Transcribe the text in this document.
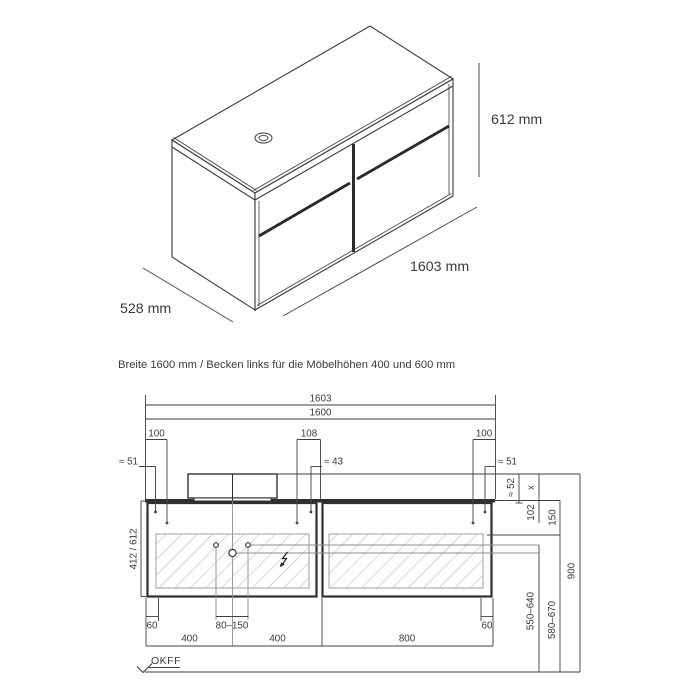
612 mm
1603 mm
528 mm
Breite 1600 mm / Becken links für die Möbelhöhen 400 und 600 mm
1603
1600
100	108	100
400	400	800
80–150
≈ 51	≈ 43	≈ 51
60	60
OKFF
≈ 52 x
102 150
412 / 612
550–640 580–670
900
